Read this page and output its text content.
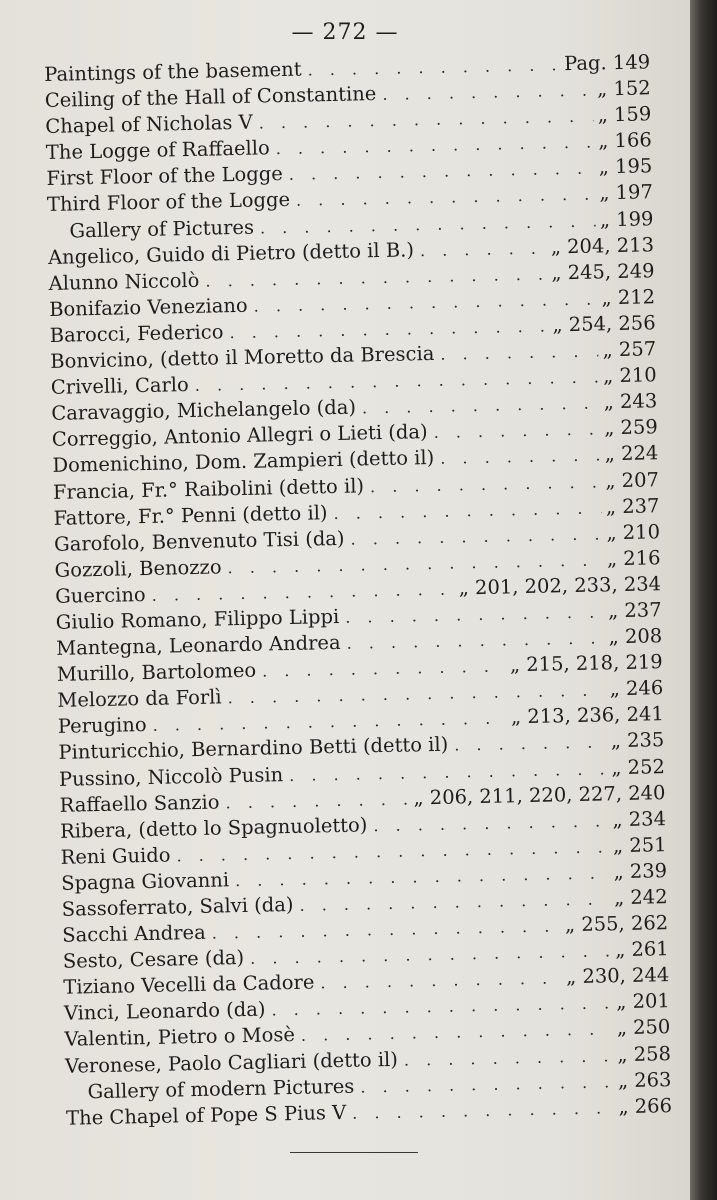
— 272 —
Paintings of the basement . . .	Pag. 149
Ceiling of the Hall of Constantine . . .	„ 152
Chapel of Nicholas V . . .	„ 159
The Logge of Raffaello . . .	„ 166
First Floor of the Logge . . .	„ 195
Third Floor of the Logge . . .	„ 197
Gallery of Pictures . . .	„ 199
Angelico, Guido di Pietro (detto il B.) . . .	„ 204, 213
Alunno Niccolò . . .	„ 245, 249
Bonifazio Veneziano . . .	„ 212
Barocci, Federico . . .	„ 254, 256
Bonvicino, (detto il Moretto da Brescia . . .	„ 257
Crivelli, Carlo . . .	„ 210
Caravaggio, Michelangelo (da) . . .	„ 243
Correggio, Antonio Allegri o Lieti (da) . . .	„ 259
Domenichino, Dom. Zampieri (detto il) . . .	„ 224
Francia, Fr.° Raibolini (detto il) . . .	„ 207
Fattore, Fr.° Penni (detto il) . . .	„ 237
Garofolo, Benvenuto Tisi (da) . . .	„ 210
Gozzoli, Benozzo . . .	„ 216
Guercino . . .	„ 201, 202, 233, 234
Giulio Romano, Filippo Lippi . . .	„ 237
Mantegna, Leonardo Andrea . . .	„ 208
Murillo, Bartolomeo . . .	„ 215, 218, 219
Melozzo da Forlì . . .	„ 246
Perugino . . .	„ 213, 236, 241
Pinturicchio, Bernardino Betti (detto il) . . .	„ 235
Pussino, Niccolò Pusin . . .	„ 252
Raffaello Sanzio . . .	„ 206, 211, 220, 227, 240
Ribera, (detto lo Spagnuoletto) . . .	„ 234
Reni Guido . . .	„ 251
Spagna Giovanni . . .	„ 239
Sassoferrato, Salvi (da) . . .	„ 242
Sacchi Andrea . . .	„ 255, 262
Sesto, Cesare (da) . . .	„ 261
Tiziano Vecelli da Cadore . . .	„ 230, 244
Vinci, Leonardo (da) . . .	„ 201
Valentin, Pietro o Mosè . . .	„ 250
Veronese, Paolo Cagliari (detto il) . . .	„ 258
Gallery of modern Pictures . . .	„ 263
The Chapel of Pope S Pius V . . .	„ 266
